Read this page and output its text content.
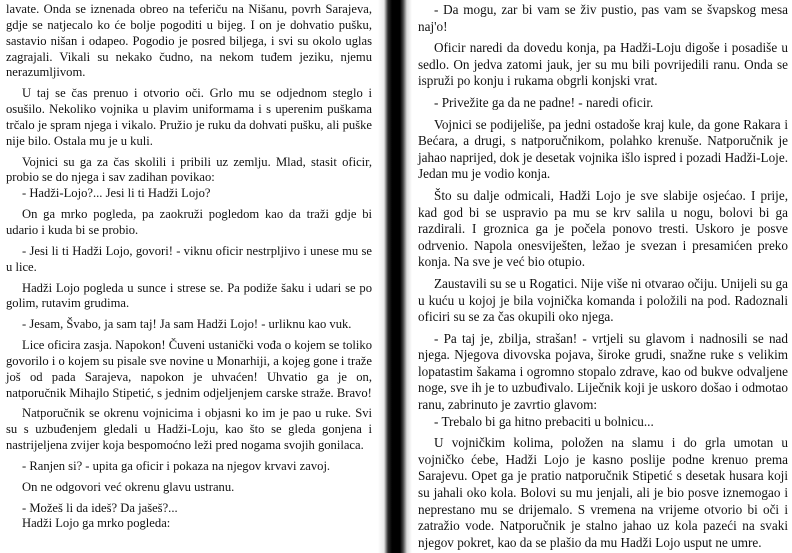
lavate. Onda se iznenada obreo na teferiču na Nišanu, povrh Sarajeva, gdje se natjecalo ko će bolje pogoditi u bijeg. I on je dohvatio pušku, sastavio nišan i odapeo. Pogodio je posred biljega, i svi su okolo uglas zagrajali. Vikali su nekako čudno, na nekom tuđem jeziku, njemu nerazumljivom.

U taj se čas prenuo i otvorio oči. Grlo mu se odjednom steglo i osušilo. Nekoliko vojnika u plavim uniformama i s uperenim puškama trčalo je spram njega i vikalo. Pružio je ruku da dohvati pušku, ali puške nije bilo. Ostala mu je u kuli.

Vojnici su ga za čas skolili i pribili uz zemlju. Mlad, stasit oficir, probio se do njega i sav zadihan povikao:

- Hadži-Lojo?... Jesi li ti Hadži Lojo?

On ga mrko pogleda, pa zaokruži pogledom kao da traži gdje bi udario i kuda bi se probio.

- Jesi li ti Hadži Lojo, govori! - viknu oficir nestrpljivo i unese mu se u lice.

Hadži Lojo pogleda u sunce i strese se. Pa podiže šaku i udari se po golim, rutavim grudima.

- Jesam, Švabo, ja sam taj! Ja sam Hadži Lojo! - urliknu kao vuk.

Lice oficira zasja. Napokon! Čuveni ustanički vođa o kojem se toliko govorilo i o kojem su pisale sve novine u Monarhiji, a kojeg gone i traže još od pada Sarajeva, napokon je uhvaćen! Uhvatio ga je on, natporučnik Mihajlo Stipetić, s jednim odjeljenjem carske straže. Bravo!

Natporučnik se okrenu vojnicima i objasni ko im je pao u ruke. Svi su s uzbuđenjem gledali u Hadži-Loju, kao što se gleda gonjena i nastrijeljena zvijer koja bespomoćno leži pred nogama svojih gonilaca.

- Ranjen si? - upita ga oficir i pokaza na njegov krvavi zavoj.

On ne odgovori već okrenu glavu ustranu.

- Možeš li da ideš? Da jašeš?...

Hadži Lojo ga mrko pogleda:

- Da mogu, zar bi vam se živ pustio, pas vam se švapskog mesa naj'o!

Oficir naredi da dovedu konja, pa Hadži-Loju digoše i posadiše u sedlo. On jedva zatomi jauk, jer su mu bili povrijedili ranu. Onda se ispruži po konju i rukama obgrli konjski vrat.

- Privežite ga da ne padne! - naredi oficir.

Vojnici se podijeliše, pa jedni ostadoše kraj kule, da gone Rakara i Bećara, a drugi, s natporučnikom, polahko krenuše. Natporučnik je jahao naprijed, dok je desetak vojnika išlo ispred i pozadi Hadži-Loje. Jedan mu je vodio konja.

Što su dalje odmicali, Hadži Lojo je sve slabije osjećao. I prije, kad god bi se uspravio pa mu se krv salila u nogu, bolovi bi ga razdirali. I groznica ga je počela ponovo tresti. Uskoro je posve odrvenio. Napola onesviješten, ležao je svezan i presamićen preko konja. Na sve je već bio otupio.

Zaustavili su se u Rogatici. Nije više ni otvarao očiju. Unijeli su ga u kuću u kojoj je bila vojnička komanda i položili na pod. Radoznali oficiri su se za čas okupili oko njega.

- Pa taj je, zbilja, strašan! - vrtjeli su glavom i nadnosili se nad njega. Njegova divovska pojava, široke grudi, snažne ruke s velikim lopatastim šakama i ogromno stopalo zdrave, kao od bukve odvaljene noge, sve ih je to uzbuđivalo. Liječnik koji je uskoro došao i odmotao ranu, zabrinuto je zavrtio glavom:

- Trebalo bi ga hitno prebaciti u bolnicu...

U vojničkim kolima, položen na slamu i do grla umotan u vojničko ćebe, Hadži Lojo je kasno poslije podne krenuo prema Sarajevu. Opet ga je pratio natporučnik Stipetić s desetak husara koji su jahali oko kola. Bolovi su mu jenjali, ali je bio posve iznemogao i neprestano mu se drijemalo. S vremena na vrijeme otvorio bi oči i zatražio vode. Natporučnik je stalno jahao uz kola pazeći na svaki njegov pokret, kao da se plašio da mu Hadži Lojo usput ne umre.
